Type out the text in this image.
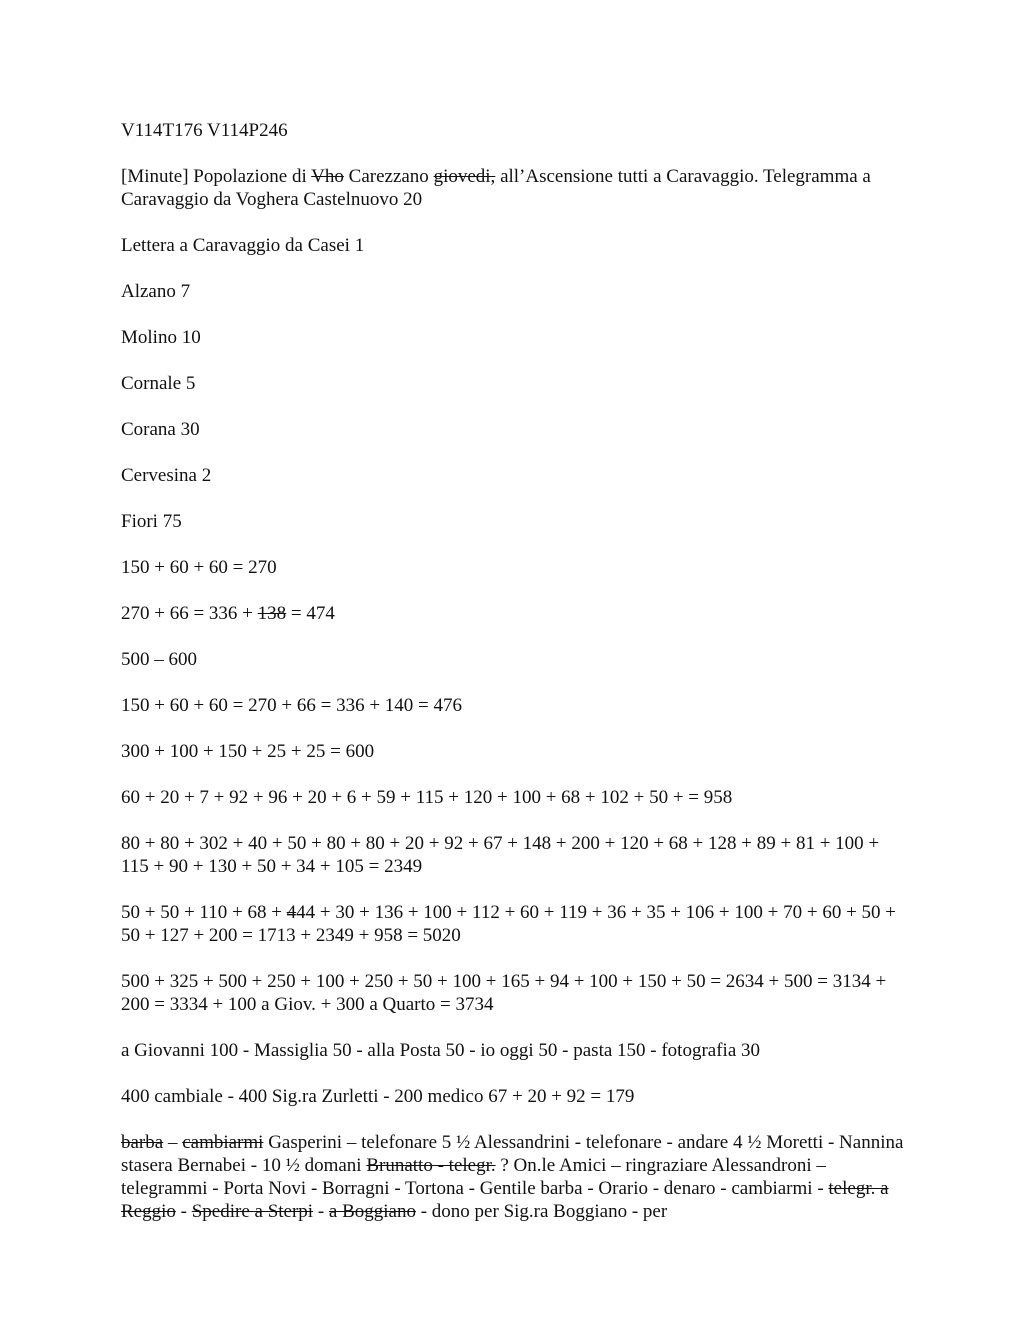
V114T176 V114P246

[Minute] Popolazione di Vho Carezzano giovedi, all’Ascensione tutti a Caravaggio. Telegramma a Caravaggio da Voghera Castelnuovo 20

Lettera a Caravaggio da Casei 1

Alzano 7

Molino 10

Cornale 5

Corana 30

Cervesina 2

Fiori 75

150 + 60 + 60 = 270

270 + 66 = 336 + 138 = 474

500 – 600

150 + 60 + 60 = 270 + 66 = 336 + 140 = 476

300 + 100 + 150 + 25 + 25 = 600

60 + 20 + 7 + 92 + 96 + 20 + 6 + 59 + 115 + 120 + 100 + 68 + 102 + 50 + = 958

80 + 80 + 302 + 40 + 50 + 80 + 80 + 20 + 92 + 67 + 148 + 200 + 120 + 68 + 128 + 89 + 81 + 100 + 115 + 90 + 130 + 50 + 34 + 105 = 2349

50 + 50 + 110 + 68 + 444 + 30 + 136 + 100 + 112 + 60 + 119 + 36 + 35 + 106 + 100 + 70 + 60 + 50 + 50 + 127 + 200 = 1713 + 2349 + 958 = 5020

500 + 325 + 500 + 250 + 100 + 250 + 50 + 100 + 165 + 94 + 100 + 150 + 50 = 2634 + 500 = 3134 + 200 = 3334 + 100 a Giov. + 300 a Quarto = 3734

a Giovanni 100 - Massiglia 50 - alla Posta 50 - io oggi 50 - pasta 150 - fotografia 30

400 cambiale - 400 Sig.ra Zurletti - 200 medico 67 + 20 + 92 = 179

barba – cambiarmi Gasperini – telefonare 5 ½ Alessandrini - telefonare - andare 4 ½ Moretti - Nannina stasera Bernabei - 10 ½ domani Brunatto - telegr. ? On.le Amici – ringraziare Alessandroni – telegrammi - Porta Novi - Borragni - Tortona - Gentile barba - Orario - denaro - cambiarmi - telegr. a Reggio - Spedire a Sterpi - a Boggiano - dono per Sig.ra Boggiano - per
